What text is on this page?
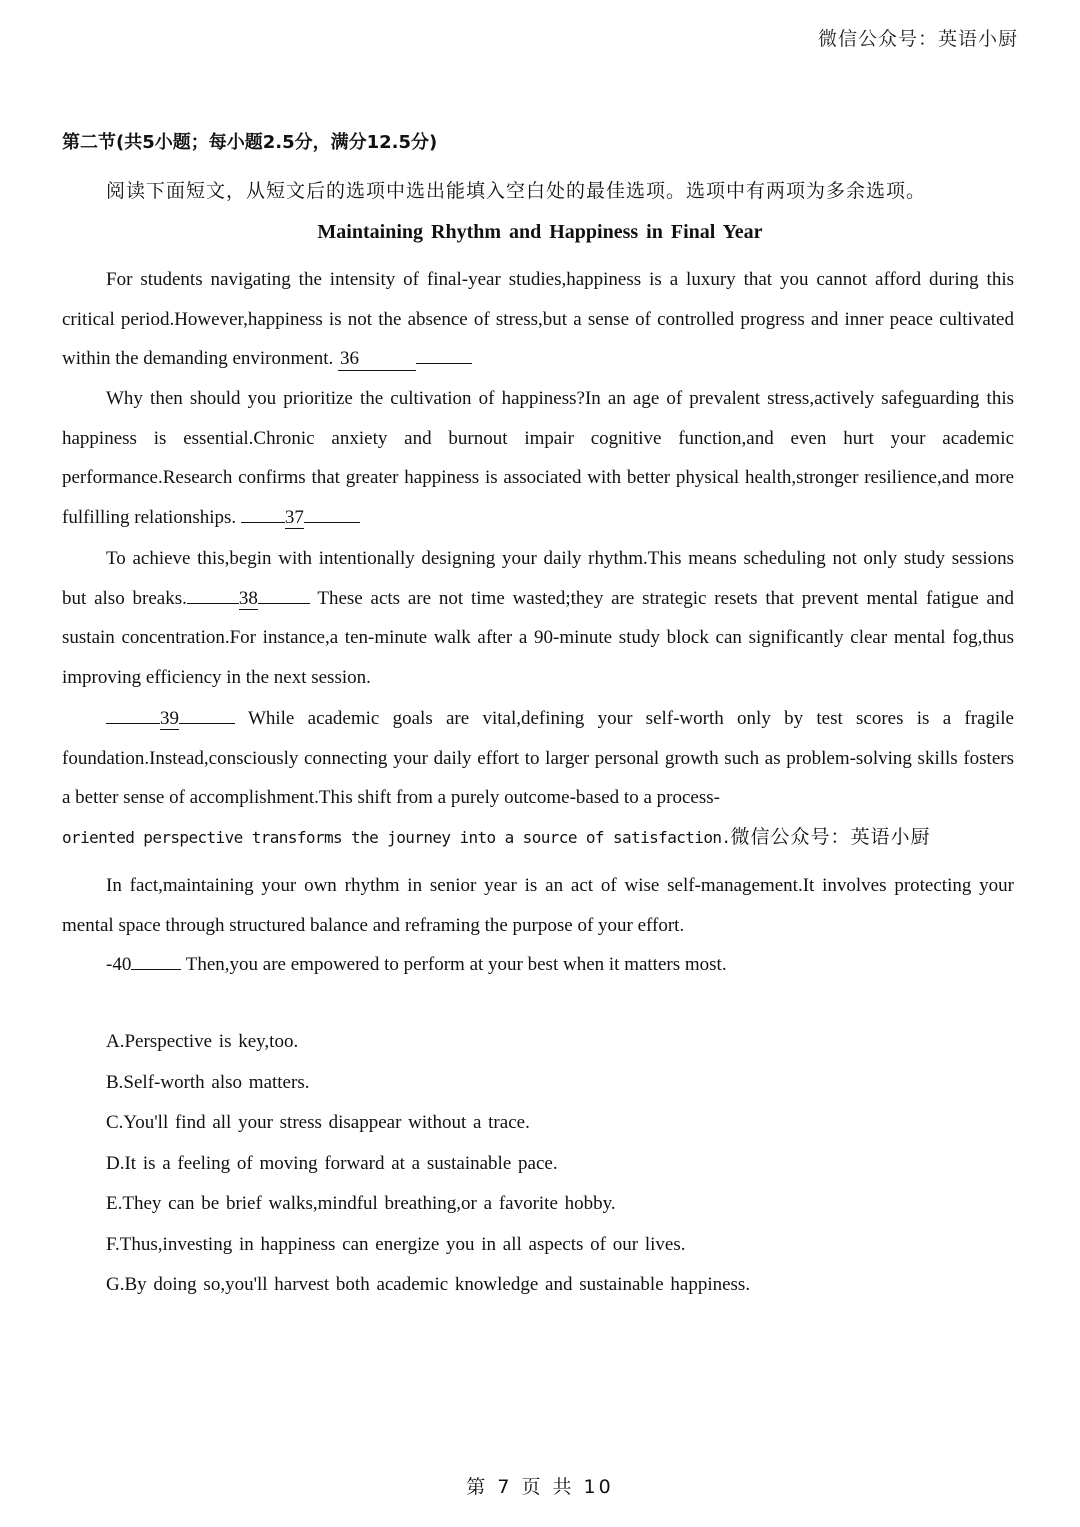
微信公众号：英语小厨
第二节(共5小题；每小题2.5分，满分12.5分)
阅读下面短文，从短文后的选项中选出能填入空白处的最佳选项。选项中有两项为多余选项。
Maintaining Rhythm and Happiness in Final Year

For students navigating the intensity of final-year studies,happiness is a luxury that you cannot afford during this critical period.However,happiness is not the absence of stress,but a sense of controlled progress and inner peace cultivated within the demanding environment. 36

Why then should you prioritize the cultivation of happiness?In an age of prevalent stress,actively safeguarding this happiness is essential.Chronic anxiety and burnout impair cognitive function,and even hurt your academic performance.Research confirms that greater happiness is associated with better physical health,stronger resilience,and more fulfilling relationships.	37

To achieve this,begin with intentionally designing your daily rhythm.This means scheduling not only study sessions but also breaks.	38	These acts are not time wasted;they are strategic resets that prevent mental fatigue and sustain concentration.For instance,a ten-minute walk after a 90-minute study block can significantly clear mental fog,thus improving efficiency in the next session.

39	While academic goals are vital,defining your self-worth only by test scores is a fragile foundation.Instead,consciously connecting your daily effort to larger personal growth such as problem-solving skills fosters a better sense of accomplishment.This shift from a purely outcome-based to a process-
oriented perspective transforms the journey into a source of satisfaction.微信公众号：英语小厨

In fact,maintaining your own rhythm in senior year is an act of wise self-management.It involves protecting your mental space through structured balance and reframing the purpose of your effort.
-40	Then,you are empowered to perform at your best when it matters most.

A.Perspective is key,too.
B.Self-worth also matters.
C.You'll find all your stress disappear without a trace.
D.It is a feeling of moving forward at a sustainable pace.
E.They can be brief walks,mindful breathing,or a favorite hobby.
F.Thus,investing in happiness can energize you in all aspects of our lives.
G.By doing so,you'll harvest both academic knowledge and sustainable happiness.
第 7 页 共 10
